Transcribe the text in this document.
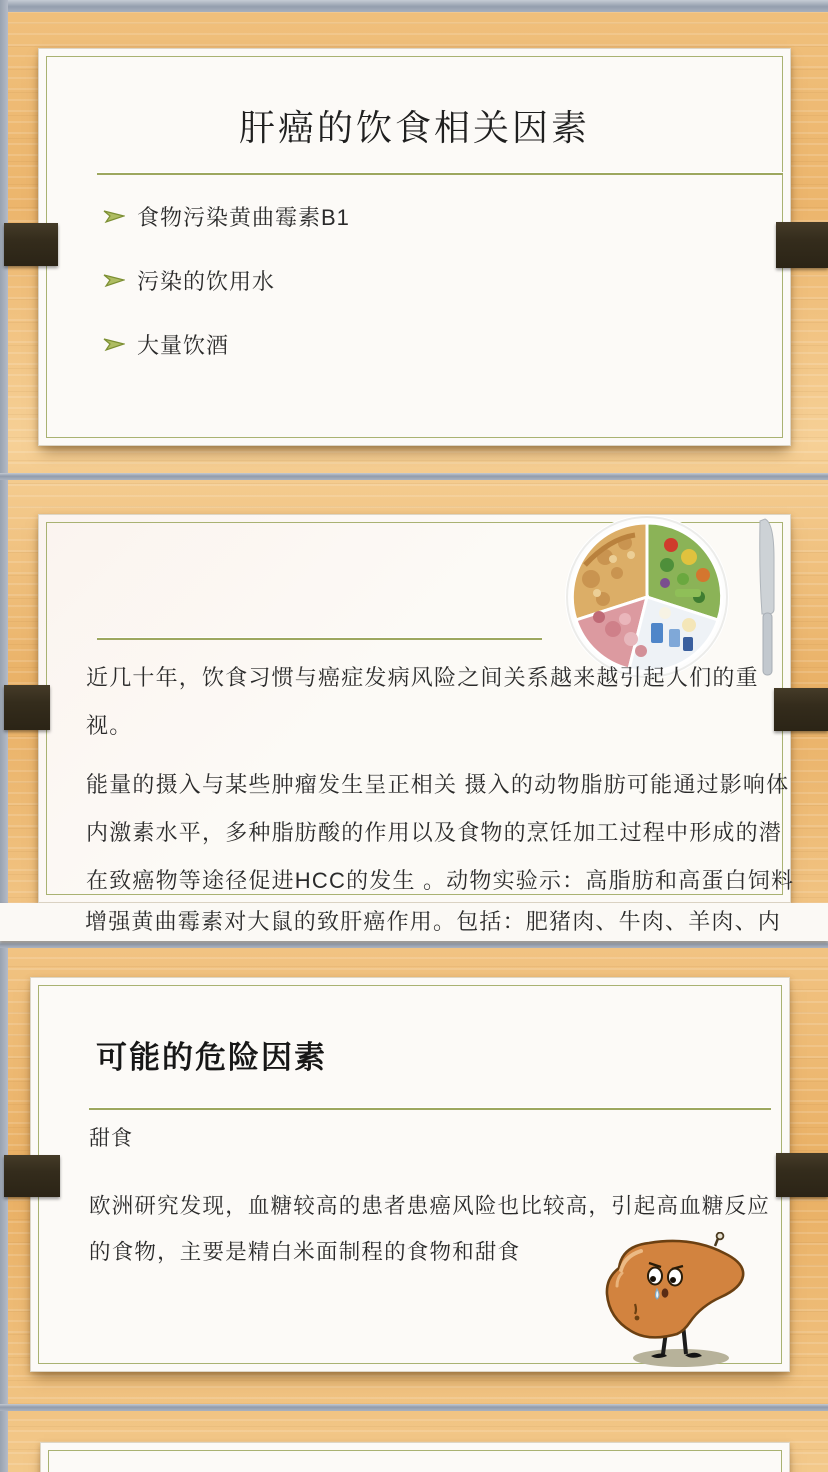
肝癌的饮食相关因素
食物污染黄曲霉素B1
污染的饮用水
大量饮酒
近几十年，饮食习惯与癌症发病风险之间关系越来越引起人们的重
视。
能量的摄入与某些肿瘤发生呈正相关 摄入的动物脂肪可能通过影响体
内激素水平，多种脂肪酸的作用以及食物的烹饪加工过程中形成的潜
在致癌物等途径促进HCC的发生 。动物实验示：高脂肪和高蛋白饲料
增强黄曲霉素对大鼠的致肝癌作用。包括：肥猪肉、牛肉、羊肉、内
可能的危险因素
甜食
欧洲研究发现，血糖较高的患者患癌风险也比较高，引起高血糖反应
的食物，主要是精白米面制程的食物和甜食
